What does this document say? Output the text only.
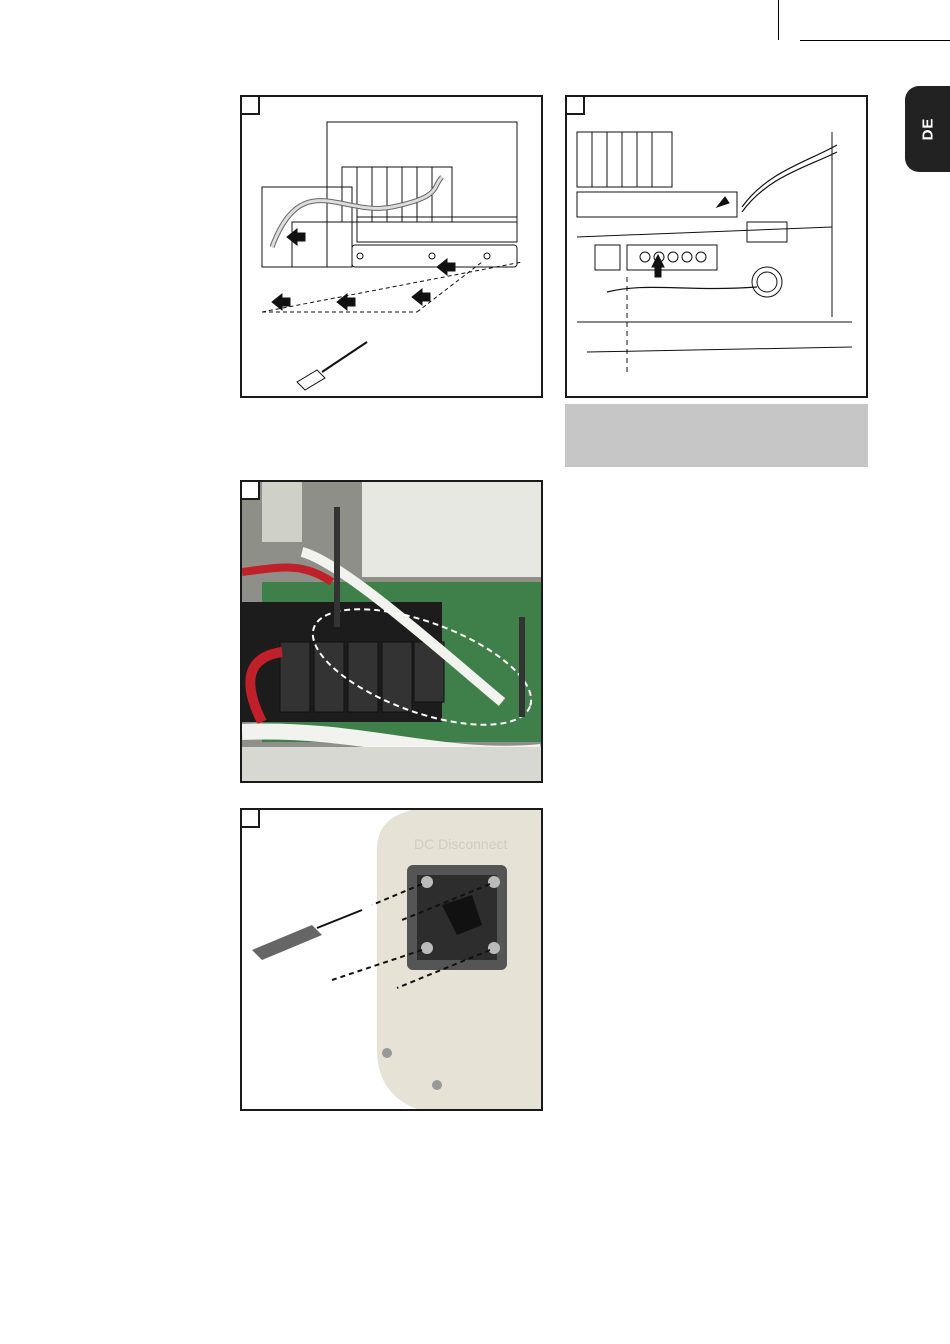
DE
DC Disconnect
